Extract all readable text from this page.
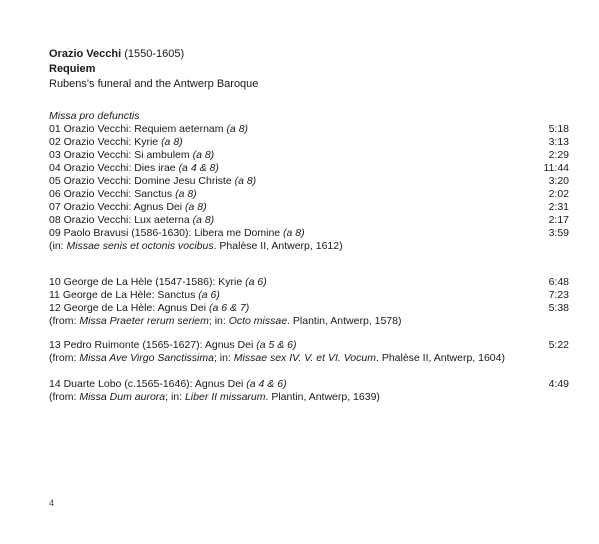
Orazio Vecchi (1550-1605)
Requiem
Rubens's funeral and the Antwerp Baroque
Missa pro defunctis
01 Orazio Vecchi: Requiem aeternam (a 8)	5:18
02 Orazio Vecchi: Kyrie (a 8)	3:13
03 Orazio Vecchi: Si ambulem (a 8)	2:29
04 Orazio Vecchi: Dies irae (a 4 & 8)	11:44
05 Orazio Vecchi: Domine Jesu Christe (a 8)	3:20
06 Orazio Vecchi: Sanctus (a 8)	2:02
07 Orazio Vecchi: Agnus Dei (a 8)	2:31
08 Orazio Vecchi: Lux aeterna (a 8)	2:17
09 Paolo Bravusi (1586-1630): Libera me Domine (a 8)	3:59
(in: Missae senis et octonis vocibus. Phalèse II, Antwerp, 1612)
10 George de La Hèle (1547-1586): Kyrie (a 6)	6:48
11 George de La Hèle: Sanctus (a 6)	7:23
12 George de La Hèle: Agnus Dei (a 6 & 7)	5:38
(from: Missa Praeter rerum seriem; in: Octo missae. Plantin, Antwerp, 1578)
13 Pedro Ruimonte (1565-1627): Agnus Dei (a 5 & 6)	5:22
(from: Missa Ave Virgo Sanctissima; in: Missae sex IV. V. et VI. Vocum. Phalèse II, Antwerp, 1604)
14 Duarte Lobo (c.1565-1646): Agnus Dei (a 4 & 6)	4:49
(from: Missa Dum aurora; in: Liber II missarum. Plantin, Antwerp, 1639)
4
